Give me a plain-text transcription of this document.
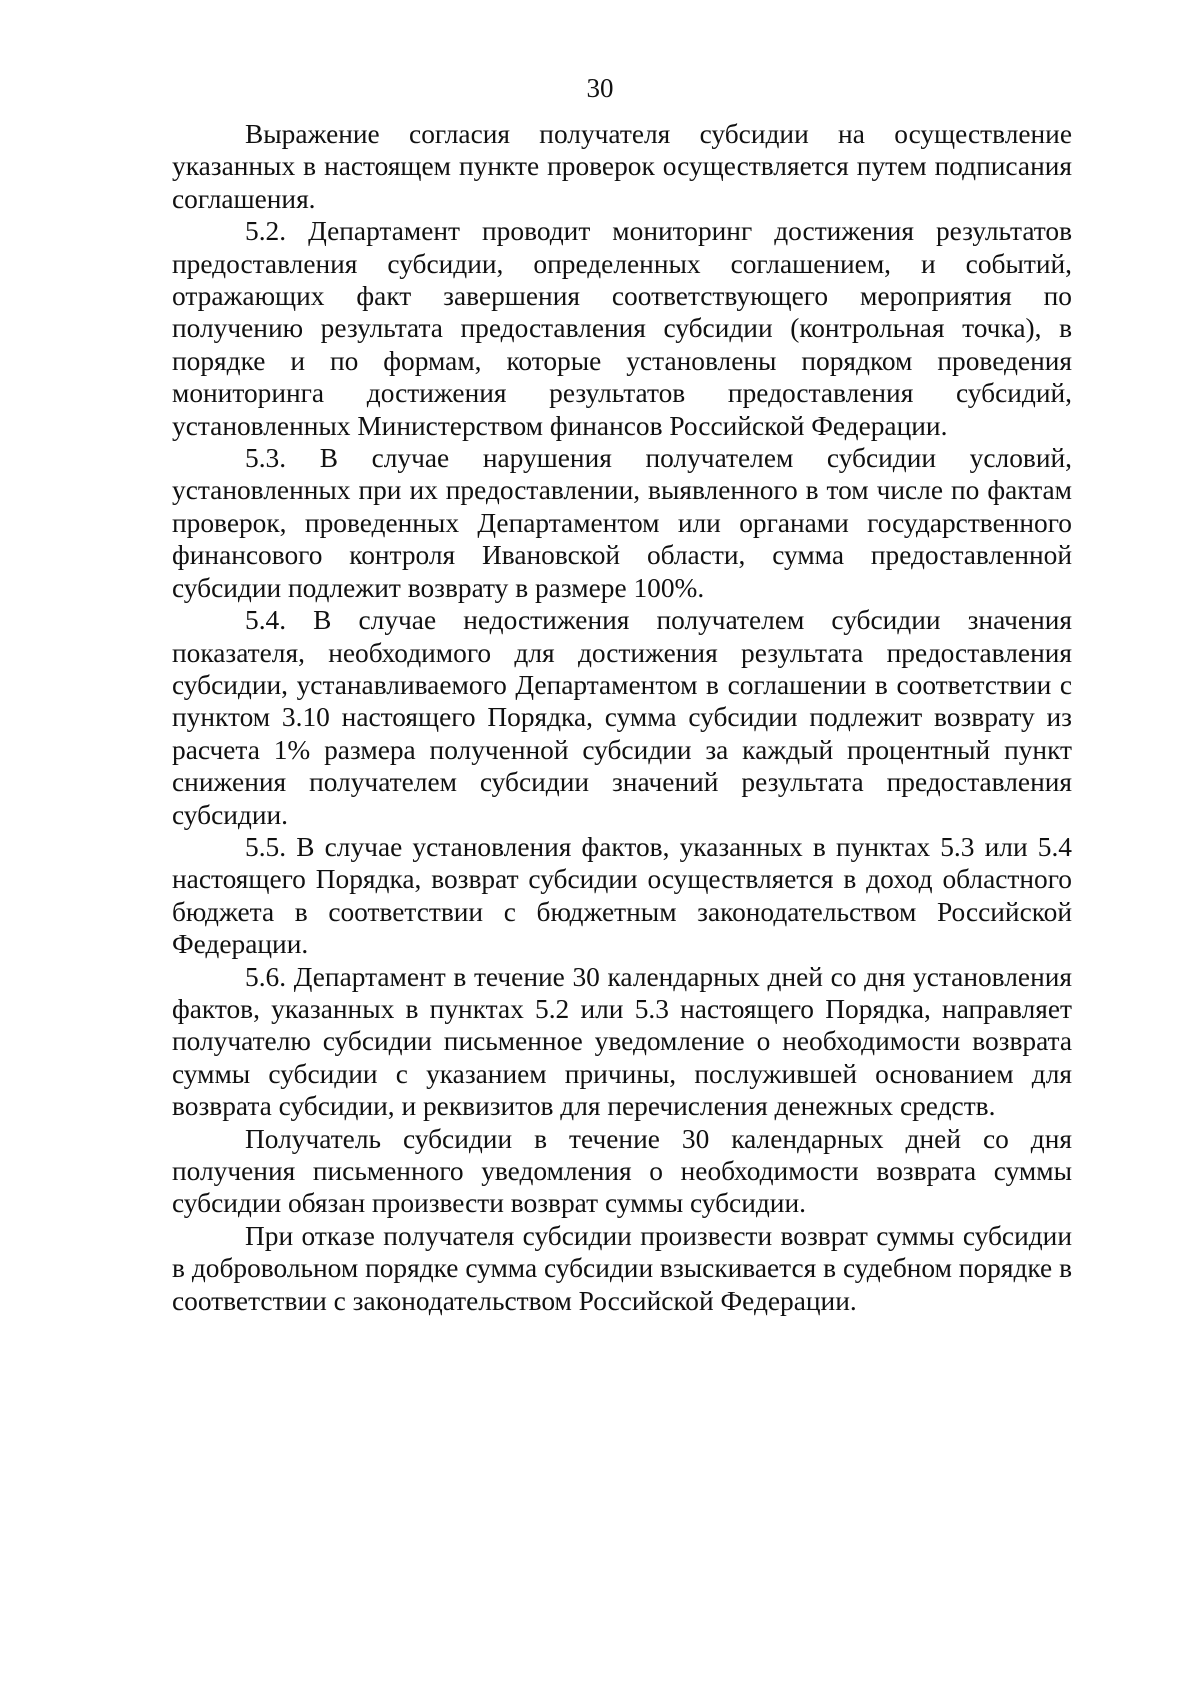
30

Выражение согласия получателя субсидии на осуществление указанных в настоящем пункте проверок осуществляется путем подписания соглашения.

5.2. Департамент проводит мониторинг достижения результатов предоставления субсидии, определенных соглашением, и событий, отражающих факт завершения соответствующего мероприятия по получению результата предоставления субсидии (контрольная точка), в порядке и по формам, которые установлены порядком проведения мониторинга достижения результатов предоставления субсидий, установленных Министерством финансов Российской Федерации.

5.3. В случае нарушения получателем субсидии условий, установленных при их предоставлении, выявленного в том числе по фактам проверок, проведенных Департаментом или органами государственного финансового контроля Ивановской области, сумма предоставленной субсидии подлежит возврату в размере 100%.

5.4. В случае недостижения получателем субсидии значения показателя, необходимого для достижения результата предоставления субсидии, устанавливаемого Департаментом в соглашении в соответствии с пунктом 3.10 настоящего Порядка, сумма субсидии подлежит возврату из расчета 1% размера полученной субсидии за каждый процентный пункт снижения получателем субсидии значений результата предоставления субсидии.

5.5. В случае установления фактов, указанных в пунктах 5.3 или 5.4 настоящего Порядка, возврат субсидии осуществляется в доход областного бюджета в соответствии с бюджетным законодательством Российской Федерации.

5.6. Департамент в течение 30 календарных дней со дня установления фактов, указанных в пунктах 5.2 или 5.3 настоящего Порядка, направляет получателю субсидии письменное уведомление о необходимости возврата суммы субсидии с указанием причины, послужившей основанием для возврата субсидии, и реквизитов для перечисления денежных средств.

Получатель субсидии в течение 30 календарных дней со дня получения письменного уведомления о необходимости возврата суммы субсидии обязан произвести возврат суммы субсидии.

При отказе получателя субсидии произвести возврат суммы субсидии в добровольном порядке сумма субсидии взыскивается в судебном порядке в соответствии с законодательством Российской Федерации.
